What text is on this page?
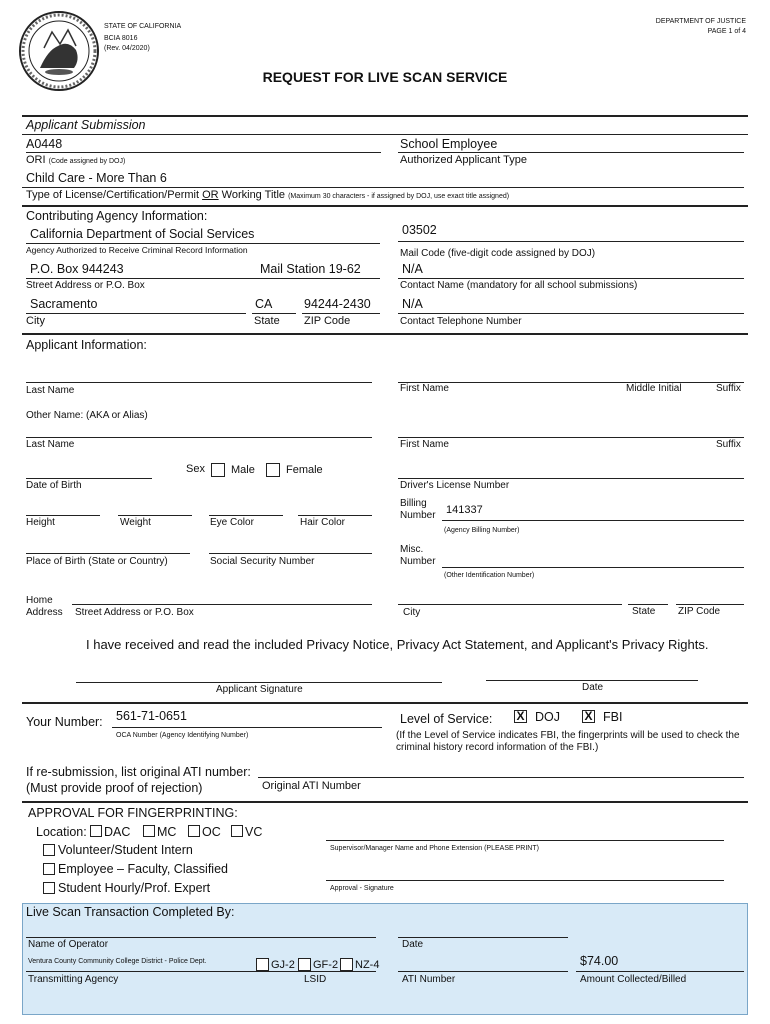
STATE OF CALIFORNIA
BCIA 8016
(Rev. 04/2020)
DEPARTMENT OF JUSTICE
PAGE 1 of 4
REQUEST FOR LIVE SCAN SERVICE
Applicant Submission
A0448
ORI (Code assigned by DOJ)
School Employee
Authorized Applicant Type
Child Care - More Than 6
Type of License/Certification/Permit OR Working Title (Maximum 30 characters - if assigned by DOJ, use exact title assigned)
Contributing Agency Information:
California Department of Social Services
Agency Authorized to Receive Criminal Record Information
03502
Mail Code (five-digit code assigned by DOJ)
P.O. Box 944243	Mail Station 19-62
Street Address or P.O. Box
N/A
Contact Name (mandatory for all school submissions)
Sacramento	CA	94244-2430
City	State ZIP Code
N/A
Contact Telephone Number
Applicant Information:
Last Name	First Name	Middle Initial	Suffix
Other Name: (AKA or Alias)
Last Name	First Name	Suffix
Sex Male	Female
Date of Birth	Driver's License Number
Height	Weight	Eye Color	Hair Color
Billing Number 141337
(Agency Billing Number)
Place of Birth (State or Country)	Social Security Number
Misc. Number
(Other Identification Number)
Home Address	Street Address or P.O. Box	City	State ZIP Code
I have received and read the included Privacy Notice, Privacy Act Statement, and Applicant's Privacy Rights.
Applicant Signature	Date
Your Number: 561-71-0651
OCA Number (Agency Identifying Number)
Level of Service: X DOJ X FBI
(If the Level of Service indicates FBI, the fingerprints will be used to check the
criminal history record information of the FBI.)
If re-submission, list original ATI number:
(Must provide proof of rejection)	Original ATI Number
APPROVAL FOR FINGERPRINTING:
Location: DAC MC OC VC
Volunteer/Student Intern
Employee – Faculty, Classified
Student Hourly/Prof. Expert
Supervisor/Manager Name and Phone Extension (PLEASE PRINT)
Approval - Signature
Live Scan Transaction Completed By:
Name of Operator	Date
Ventura County Community College District - Police Dept.	GJ-2 GF-2 NZ-4
Transmitting Agency	LSID	ATI Number
$74.00
Amount Collected/Billed
